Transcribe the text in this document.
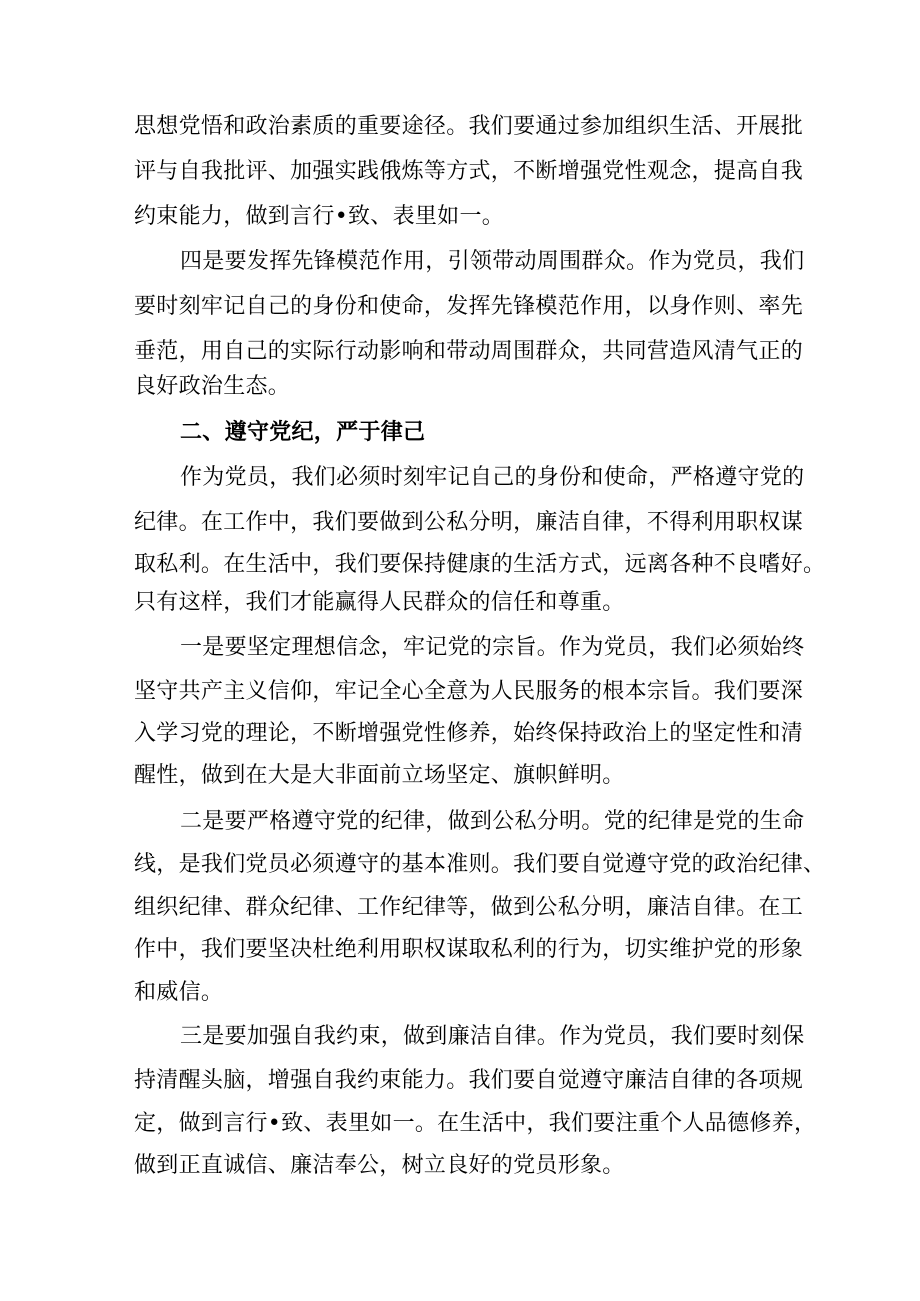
思想党悟和政治素质的重要途径。我们要通过参加组织生活、开展批
评与自我批评、加强实践俄炼等方式，不断增强党性观念，提高自我
约束能力，做到言行•致、表里如一。
四是要发挥先锋模范作用，引领带动周围群众。作为党员，我们
要时刻牢记自己的身份和使命，发挥先锋模范作用，以身作则、率先
垂范，用自己的实际行动影响和带动周围群众，共同营造风清气正的
良好政治生态。
二、遵守党纪，严于律己
作为党员，我们必须时刻牢记自己的身份和使命，严格遵守党的
纪律。在工作中，我们要做到公私分明，廉洁自律，不得利用职权谋
取私利。在生活中，我们要保持健康的生活方式，远离各种不良嗜好。
只有这样，我们才能赢得人民群众的信任和尊重。
一是要坚定理想信念，牢记党的宗旨。作为党员，我们必须始终
坚守共产主义信仰，牢记全心全意为人民服务的根本宗旨。我们要深
入学习党的理论，不断增强党性修养，始终保持政治上的坚定性和清
醒性，做到在大是大非面前立场坚定、旗帜鲜明。
二是要严格遵守党的纪律，做到公私分明。党的纪律是党的生命
线，是我们党员必须遵守的基本准则。我们要自觉遵守党的政治纪律、
组织纪律、群众纪律、工作纪律等，做到公私分明，廉洁自律。在工
作中，我们要坚决杜绝利用职权谋取私利的行为，切实维护党的形象
和威信。
三是要加强自我约束，做到廉洁自律。作为党员，我们要时刻保
持清醒头脑，增强自我约束能力。我们要自觉遵守廉洁自律的各项规
定，做到言行•致、表里如一。在生活中，我们要注重个人品德修养，
做到正直诚信、廉洁奉公，树立良好的党员形象。
